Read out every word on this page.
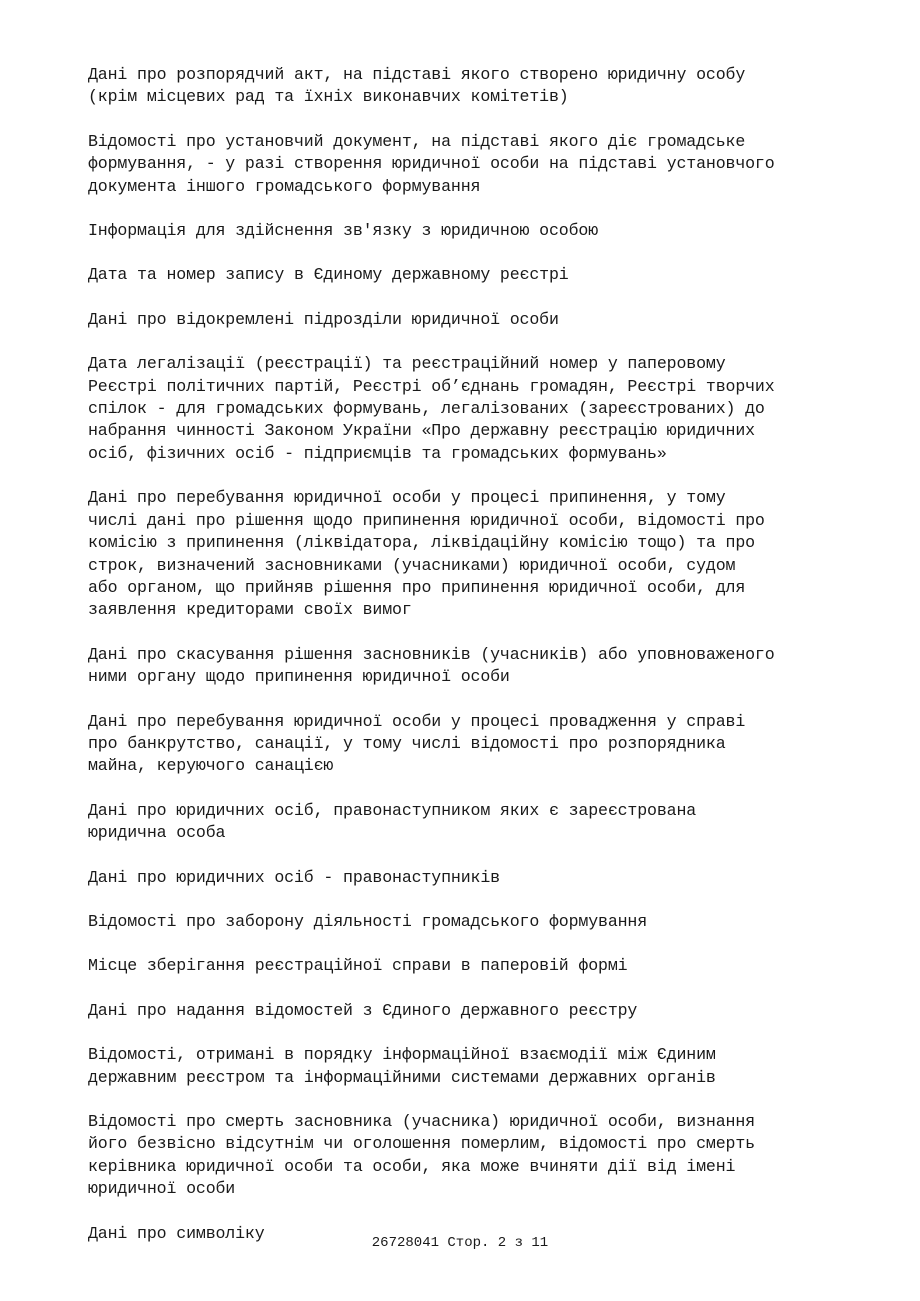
Дані про розпорядчий акт, на підставі якого створено юридичну особу
(крім місцевих рад та їхніх виконавчих комітетів)
Відомості про установчий документ, на підставі якого діє громадське
формування, - у разі створення юридичної особи на підставі установчого
документа іншого громадського формування
Інформація для здійснення зв'язку з юридичною особою
Дата та номер запису в Єдиному державному реєстрі
Дані про відокремлені підрозділи юридичної особи
Дата легалізації (реєстрації) та реєстраційний номер у паперовому
Реєстрі політичних партій, Реєстрі об’єднань громадян, Реєстрі творчих
спілок - для громадських формувань, легалізованих (зареєстрованих) до
набрання чинності Законом України «Про державну реєстрацію юридичних
осіб, фізичних осіб - підприємців та громадських формувань»
Дані про перебування юридичної особи у процесі припинення, у тому
числі дані про рішення щодо припинення юридичної особи, відомості про
комісію з припинення (ліквідатора, ліквідаційну комісію тощо) та про
строк, визначений засновниками (учасниками) юридичної особи, судом
або органом, що прийняв рішення про припинення юридичної особи, для
заявлення кредиторами своїх вимог
Дані про скасування рішення засновників (учасників) або уповноваженого
ними органу щодо припинення юридичної особи
Дані про перебування юридичної особи у процесі провадження у справі
про банкрутство, санації, у тому числі відомості про розпорядника
майна, керуючого санацією
Дані про юридичних осіб, правонаступником яких є зареєстрована
юридична особа
Дані про юридичних осіб - правонаступників
Відомості про заборону діяльності громадського формування
Місце зберігання реєстраційної справи в паперовій формі
Дані про надання відомостей з Єдиного державного реєстру
Відомості, отримані в порядку інформаційної взаємодії між Єдиним
державним реєстром та інформаційними системами державних органів
Відомості про смерть засновника (учасника) юридичної особи, визнання
його безвісно відсутнім чи оголошення померлим, відомості про смерть
керівника юридичної особи та особи, яка може вчиняти дії від імені
юридичної особи
Дані про символіку
26728041 Стор. 2 з 11
